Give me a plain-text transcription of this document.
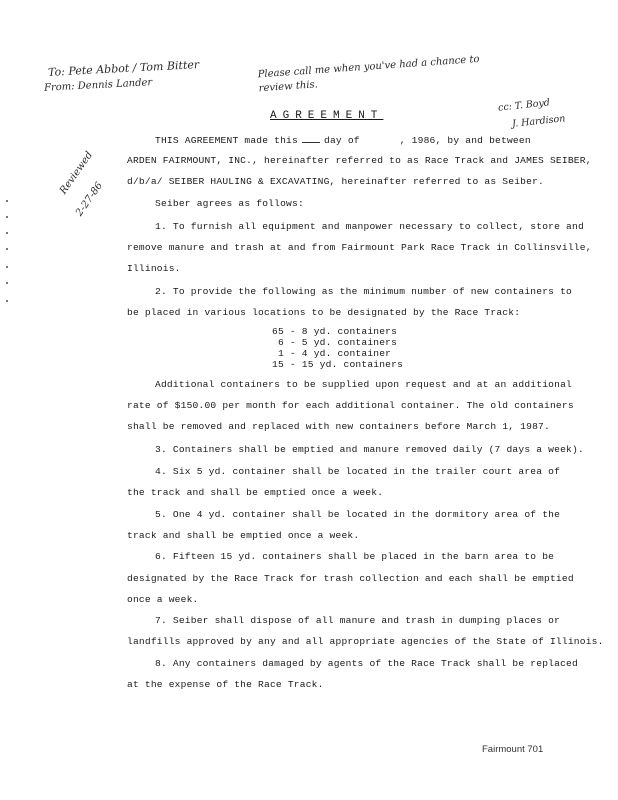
To: Pete Abbot / Tom Bitter
From: Dennis Lander
Please call me when you've had a chance to review this.
cc: T. Boyd
J. Hardison
Reviewed
2-27-86
AGREEMENT
THIS AGREEMENT made this	day of	, 1986, by and between
ARDEN FAIRMOUNT, INC., hereinafter referred to as Race Track and JAMES SEIBER,
d/b/a/ SEIBER HAULING & EXCAVATING, hereinafter referred to as Seiber.
Seiber agrees as follows:
1. To furnish all equipment and manpower necessary to collect, store and
remove manure and trash at and from Fairmount Park Race Track in Collinsville,
Illinois.
2. To provide the following as the minimum number of new containers to
be placed in various locations to be designated by the Race Track:
65 - 8 yd. containers
6 - 5 yd. containers
1 - 4 yd. container
15 - 15 yd. containers
Additional containers to be supplied upon request and at an additional
rate of $150.00 per month for each additional container. The old containers
shall be removed and replaced with new containers before March 1, 1987.
3. Containers shall be emptied and manure removed daily (7 days a week).
4. Six 5 yd. container shall be located in the trailer court area of
the track and shall be emptied once a week.
5. One 4 yd. container shall be located in the dormitory area of the
track and shall be emptied once a week.
6. Fifteen 15 yd. containers shall be placed in the barn area to be
designated by the Race Track for trash collection and each shall be emptied
once a week.
7. Seiber shall dispose of all manure and trash in dumping places or
landfills approved by any and all appropriate agencies of the State of Illinois.
8. Any containers damaged by agents of the Race Track shall be replaced
at the expense of the Race Track.
Fairmount 701
